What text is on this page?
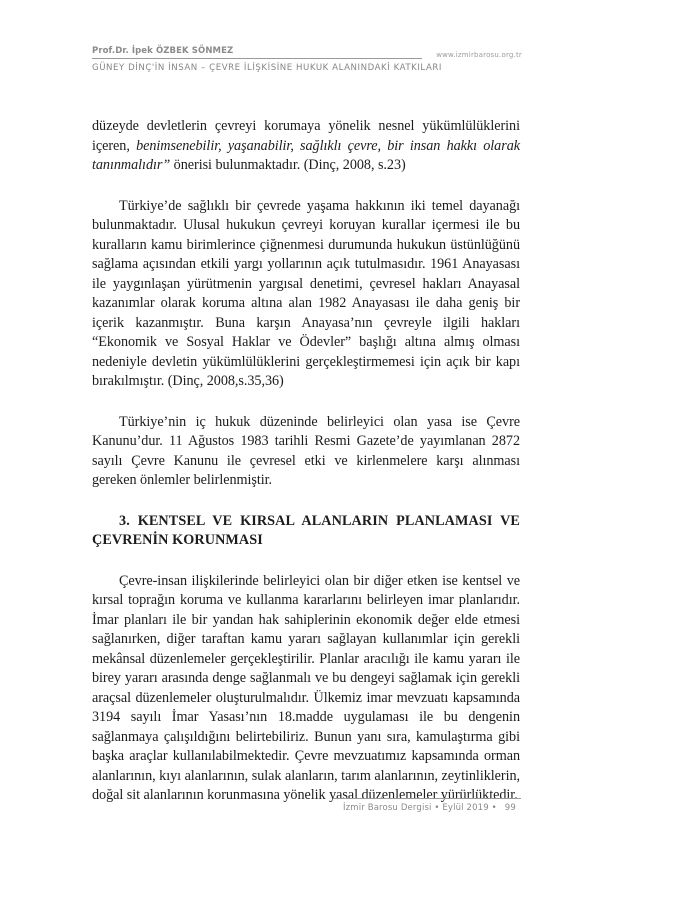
Prof.Dr. İpek ÖZBEK SÖNMEZ	www.izmirbarosu.org.tr
GÜNEY DİNÇ'İN İNSAN – ÇEVRE İLİŞKİSİNE HUKUK ALANINDAKİ KATKILARI

düzeyde devletlerin çevreyi korumaya yönelik nesnel yükümlülüklerini içeren, benimsenebilir, yaşanabilir, sağlıklı çevre, bir insan hakkı olarak tanınmalıdır” önerisi bulunmaktadır. (Dinç, 2008, s.23)

Türkiye’de sağlıklı bir çevrede yaşama hakkının iki temel dayanağı bulunmaktadır. Ulusal hukukun çevreyi koruyan kurallar içermesi ile bu kuralların kamu birimlerince çiğnenmesi durumunda hukukun üstünlüğünü sağlama açısından etkili yargı yollarının açık tutulmasıdır. 1961 Anayasası ile yaygınlaşan yürütmenin yargısal denetimi, çevresel hakları Anayasal kazanımlar olarak koruma altına alan 1982 Anayasası ile daha geniş bir içerik kazanmıştır. Buna karşın Anayasa’nın çevreyle ilgili hakları “Ekonomik ve Sosyal Haklar ve Ödevler” başlığı altına almış olması nedeniyle devletin yükümlülüklerini gerçekleştirmemesi için açık bir kapı bırakılmıştır. (Dinç, 2008,s.35,36)

Türkiye’nin iç hukuk düzeninde belirleyici olan yasa ise Çevre Kanunu’dur. 11 Ağustos 1983 tarihli Resmi Gazete’de yayımlanan 2872 sayılı Çevre Kanunu ile çevresel etki ve kirlenmelere karşı alınması gereken önlemler belirlenmiştir.

3. KENTSEL VE KIRSAL ALANLARIN PLANLAMASI VE ÇEVRENİN KORUNMASI

Çevre-insan ilişkilerinde belirleyici olan bir diğer etken ise kentsel ve kırsal toprağın koruma ve kullanma kararlarını belirleyen imar planlarıdır. İmar planları ile bir yandan hak sahiplerinin ekonomik değer elde etmesi sağlanırken, diğer taraftan kamu yararı sağlayan kullanımlar için gerekli mekânsal düzenlemeler gerçekleştirilir. Planlar aracılığı ile kamu yararı ile birey yararı arasında denge sağlanmalı ve bu dengeyi sağlamak için gerekli araçsal düzenlemeler oluşturulmalıdır. Ülkemiz imar mevzuatı kapsamında 3194 sayılı İmar Yasası’nın 18.madde uygulaması ile bu dengenin sağlanmaya çalışıldığını belirtebiliriz. Bunun yanı sıra, kamulaştırma gibi başka araçlar kullanılabilmektedir. Çevre mevzuatımız kapsamında orman alanlarının, kıyı alanlarının, sulak alanların, tarım alanlarının, zeytinliklerin, doğal sit alanlarının korunmasına yönelik yasal düzenlemeler yürürlüktedir.

İzmir Barosu Dergisi • Eylül 2019 • 99
